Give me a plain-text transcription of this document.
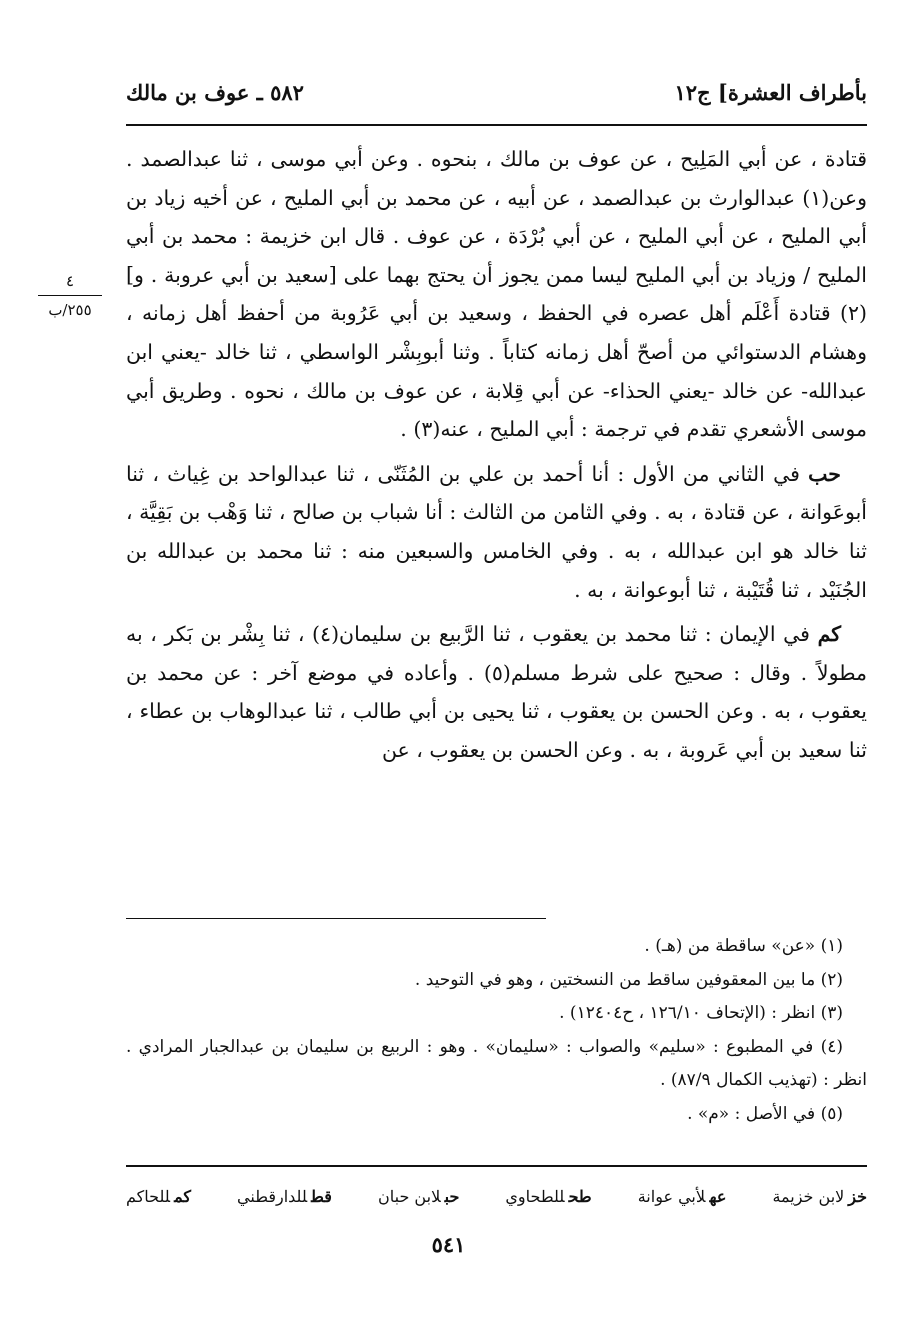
بأطراف العشرة] ج١٢
٥٨٢ ـ عوف بن مالك
٤
٢٥٥/ب

قتادة ، عن أبي المَلِيح ، عن عوف بن مالك ، بنحوه . وعن أبي موسى ، ثنا عبدالصمد . وعن(١) عبدالوارث بن عبدالصمد ، عن أبيه ، عن محمد بن أبي المليح ، عن أخيه زياد بن أبي المليح ، عن أبي المليح ، عن أبي بُرْدَة ، عن عوف . قال ابن خزيمة : محمد بن أبي المليح / وزياد بن أبي المليح ليسا ممن يجوز أن يحتج بهما على [سعيد بن أبي عروبة . و](٢) قتادة أَعْلَم أهل عصره في الحفظ ، وسعيد بن أبي عَرُوبة من أحفظ أهل زمانه ، وهشام الدستوائي من أصحّ أهل زمانه كتاباً . وثنا أبوبِشْر الواسطي ، ثنا خالد -يعني ابن عبدالله- عن خالد -يعني الحذاء- عن أبي قِلابة ، عن عوف بن مالك ، نحوه . وطريق أبي موسى الأشعري تقدم في ترجمة : أبي المليح ، عنه(٣) .

حب في الثاني من الأول : أنا أحمد بن علي بن المُثَنّى ، ثنا عبدالواحد بن غِياث ، ثنا أبوعَوانة ، عن قتادة ، به . وفي الثامن من الثالث : أنا شباب بن صالح ، ثنا وَهْب بن بَقِيَّة ، ثنا خالد هو ابن عبدالله ، به . وفي الخامس والسبعين منه : ثنا محمد بن عبدالله بن الجُنَيْد ، ثنا قُتَيْبة ، ثنا أبوعوانة ، به .

كم في الإيمان : ثنا محمد بن يعقوب ، ثنا الرَّبيع بن سليمان(٤) ، ثنا بِشْر بن بَكر ، به مطولاً . وقال : صحيح على شرط مسلم(٥) . وأعاده في موضع آخر : عن محمد بن يعقوب ، به . وعن الحسن بن يعقوب ، ثنا يحيى بن أبي طالب ، ثنا عبدالوهاب بن عطاء ، ثنا سعيد بن أبي عَروبة ، به . وعن الحسن بن يعقوب ، عن

(١) «عن» ساقطة من (هـ) .
(٢) ما بين المعقوفين ساقط من النسختين ، وهو في التوحيد .
(٣) انظر : (الإتحاف ١٢٦/١٠ ، ح١٢٤٠٤) .
(٤) في المطبوع : «سليم» والصواب : «سليمان» . وهو : الربيع بن سليمان بن عبدالجبار المرادي . انظر : (تهذيب الكمال ٨٧/٩) .
(٥) في الأصل : «م» .
خزلابن خزيمة
عهلأبي عوانة
طحللطحاوي
حبلابن حبان
قطللدارقطني
كمللحاكم
٥٤١
